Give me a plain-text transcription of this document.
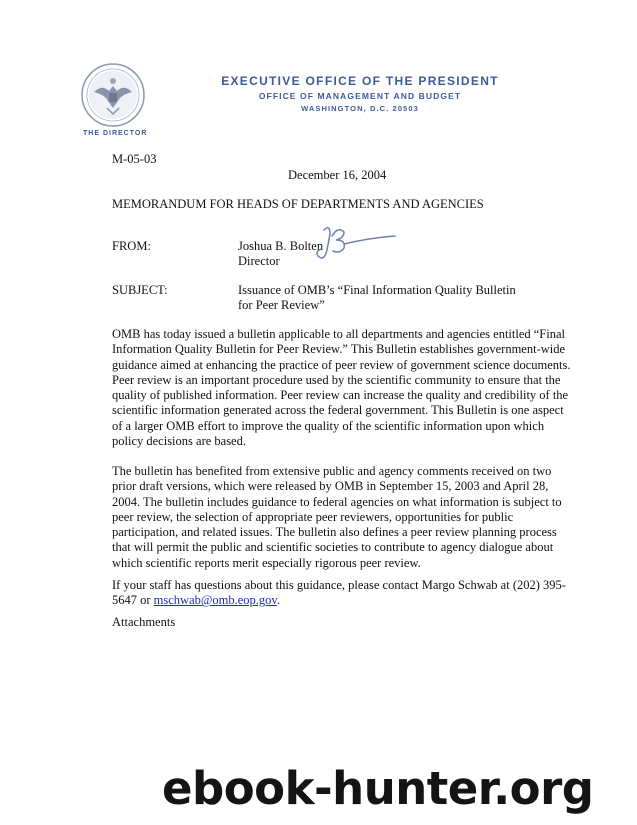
THE DIRECTOR
EXECUTIVE OFFICE OF THE PRESIDENT
OFFICE OF MANAGEMENT AND BUDGET
WASHINGTON, D.C. 20503
M-05-03
December 16, 2004
MEMORANDUM FOR HEADS OF DEPARTMENTS AND AGENCIES
FROM:	Joshua B. Bolten
Director
SUBJECT:	Issuance of OMB’s “Final Information Quality Bulletin
for Peer Review”
OMB has today issued a bulletin applicable to all departments and agencies entitled “Final
Information Quality Bulletin for Peer Review.” This Bulletin establishes government-wide
guidance aimed at enhancing the practice of peer review of government science documents.
Peer review is an important procedure used by the scientific community to ensure that the
quality of published information. Peer review can increase the quality and credibility of the
scientific information generated across the federal government. This Bulletin is one aspect
of a larger OMB effort to improve the quality of the scientific information upon which
policy decisions are based.
The bulletin has benefited from extensive public and agency comments received on two
prior draft versions, which were released by OMB in September 15, 2003 and April 28,
2004. The bulletin includes guidance to federal agencies on what information is subject to
peer review, the selection of appropriate peer reviewers, opportunities for public
participation, and related issues. The bulletin also defines a peer review planning process
that will permit the public and scientific societies to contribute to agency dialogue about
which scientific reports merit especially rigorous peer review.
If your staff has questions about this guidance, please contact Margo Schwab at (202) 395-
5647 or mschwab@omb.eop.gov.
Attachments
ebook-hunter.org
